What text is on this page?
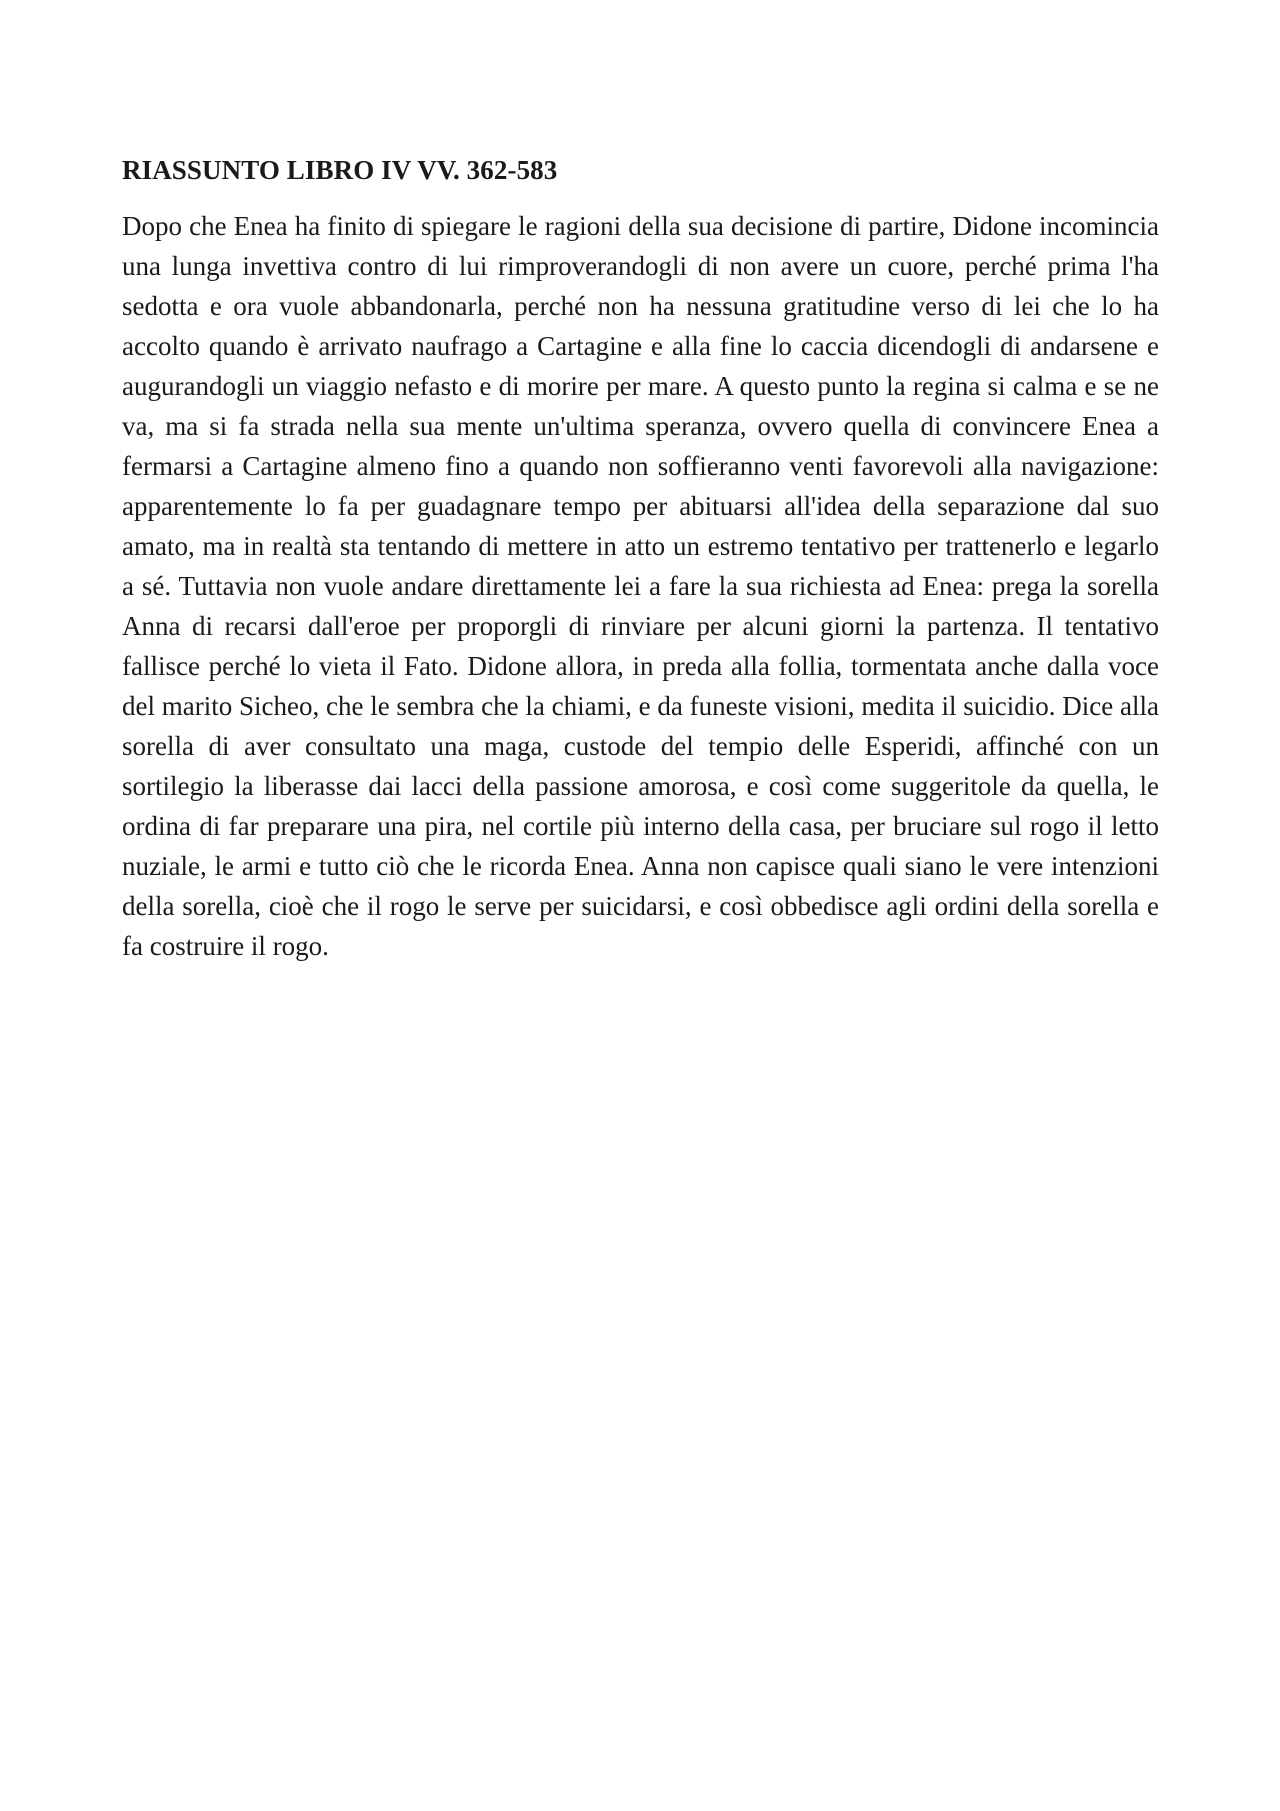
RIASSUNTO LIBRO IV VV. 362-583

Dopo che Enea ha finito di spiegare le ragioni della sua decisione di partire, Didone incomincia una lunga invettiva contro di lui rimproverandogli di non avere un cuore, perché prima l'ha sedotta e ora vuole abbandonarla, perché non ha nessuna gratitudine verso di lei che lo ha accolto quando è arrivato naufrago a Cartagine e alla fine lo caccia dicendogli di andarsene e augurandogli un viaggio nefasto e di morire per mare. A questo punto la regina si calma e se ne va, ma si fa strada nella sua mente un'ultima speranza, ovvero quella di convincere Enea a fermarsi a Cartagine almeno fino a quando non soffieranno venti favorevoli alla navigazione: apparentemente lo fa per guadagnare tempo per abituarsi all'idea della separazione dal suo amato, ma in realtà sta tentando di mettere in atto un estremo tentativo per trattenerlo e legarlo a sé. Tuttavia non vuole andare direttamente lei a fare la sua richiesta ad Enea: prega la sorella Anna di recarsi dall'eroe per proporgli di rinviare per alcuni giorni la partenza. Il tentativo fallisce perché lo vieta il Fato. Didone allora, in preda alla follia, tormentata anche dalla voce del marito Sicheo, che le sembra che la chiami, e da funeste visioni, medita il suicidio. Dice alla sorella di aver consultato una maga, custode del tempio delle Esperidi, affinché con un sortilegio la liberasse dai lacci della passione amorosa, e così come suggeritole da quella, le ordina di far preparare una pira, nel cortile più interno della casa, per bruciare sul rogo il letto nuziale, le armi e tutto ciò che le ricorda Enea. Anna non capisce quali siano le vere intenzioni della sorella, cioè che il rogo le serve per suicidarsi, e così obbedisce agli ordini della sorella e fa costruire il rogo.
